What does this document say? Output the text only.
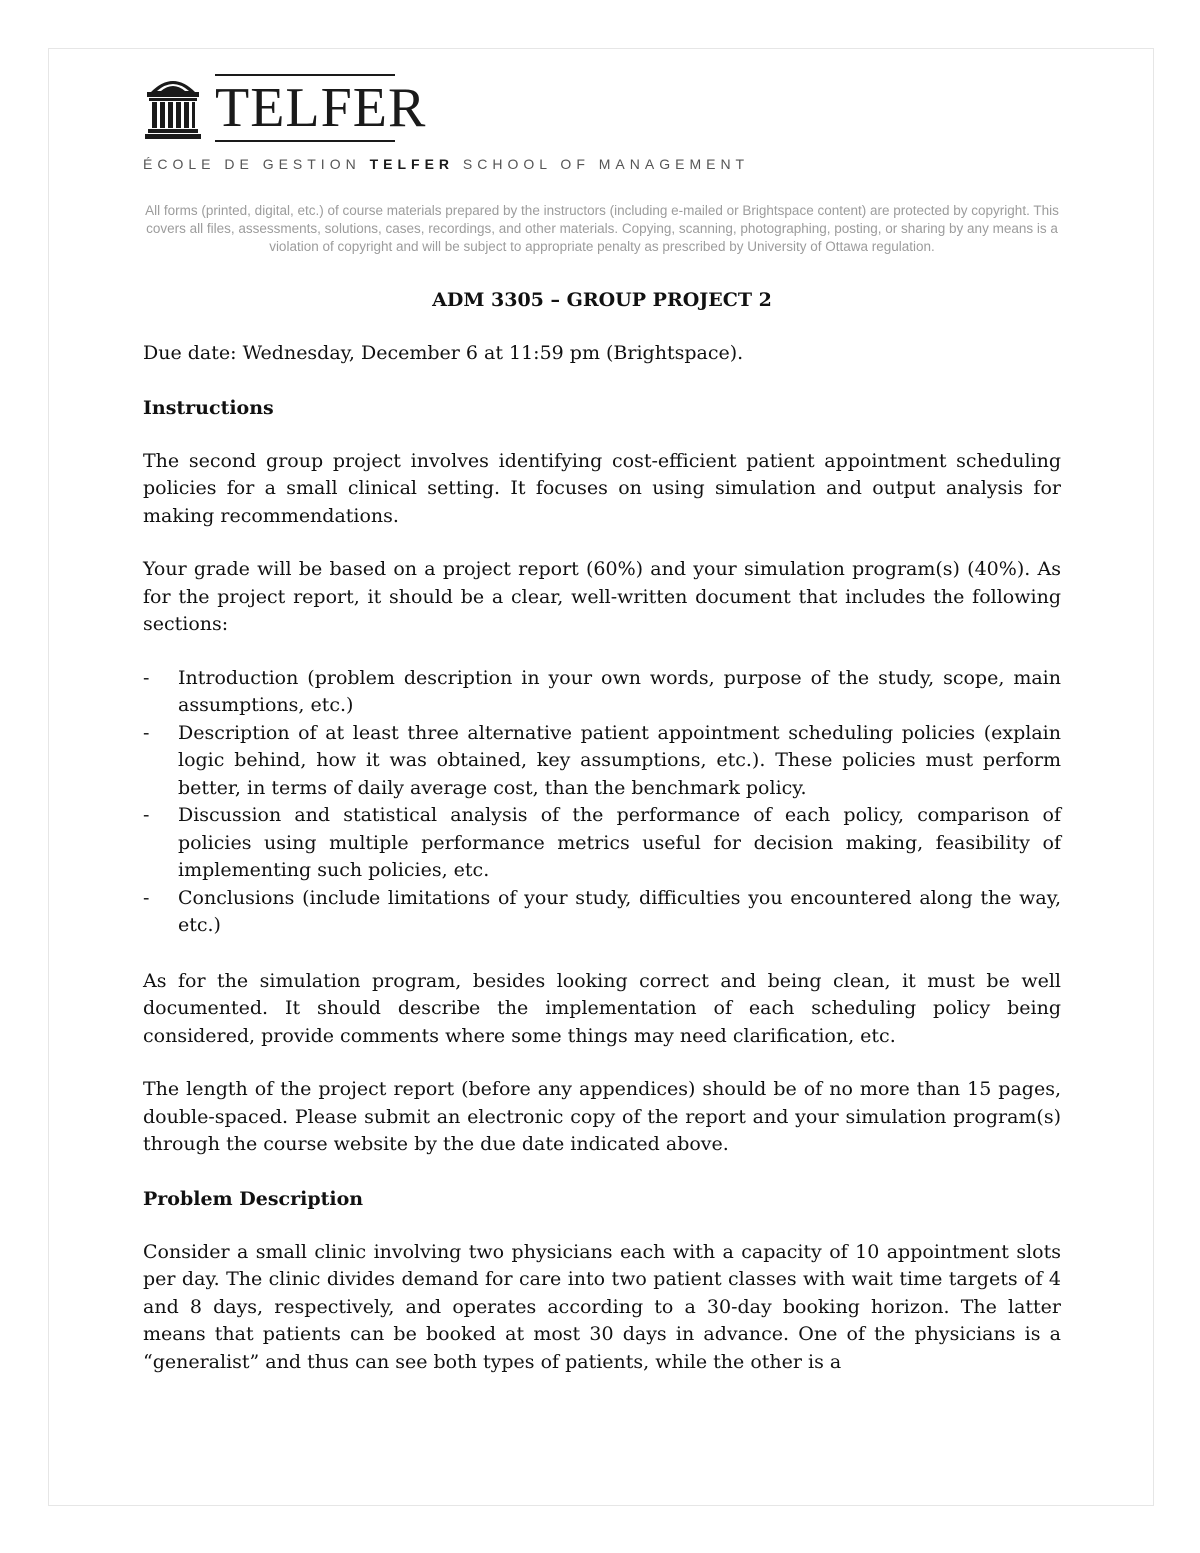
TELFER
ÉCOLE DE GESTION TELFER SCHOOL OF MANAGEMENT
All forms (printed, digital, etc.) of course materials prepared by the instructors (including e-mailed or Brightspace content) are protected by copyright. This covers all files, assessments, solutions, cases, recordings, and other materials. Copying, scanning, photographing, posting, or sharing by any means is a violation of copyright and will be subject to appropriate penalty as prescribed by University of Ottawa regulation.
ADM 3305 – GROUP PROJECT 2

Due date: Wednesday, December 6 at 11:59 pm (Brightspace).

Instructions

The second group project involves identifying cost-efficient patient appointment scheduling policies for a small clinical setting. It focuses on using simulation and output analysis for making recommendations.

Your grade will be based on a project report (60%) and your simulation program(s) (40%). As for the project report, it should be a clear, well-written document that includes the following sections:

- Introduction (problem description in your own words, purpose of the study, scope, main assumptions, etc.)
- Description of at least three alternative patient appointment scheduling policies (explain logic behind, how it was obtained, key assumptions, etc.). These policies must perform better, in terms of daily average cost, than the benchmark policy.
- Discussion and statistical analysis of the performance of each policy, comparison of policies using multiple performance metrics useful for decision making, feasibility of implementing such policies, etc.
- Conclusions (include limitations of your study, difficulties you encountered along the way, etc.)

As for the simulation program, besides looking correct and being clean, it must be well documented. It should describe the implementation of each scheduling policy being considered, provide comments where some things may need clarification, etc.

The length of the project report (before any appendices) should be of no more than 15 pages, double-spaced. Please submit an electronic copy of the report and your simulation program(s) through the course website by the due date indicated above.

Problem Description

Consider a small clinic involving two physicians each with a capacity of 10 appointment slots per day. The clinic divides demand for care into two patient classes with wait time targets of 4 and 8 days, respectively, and operates according to a 30-day booking horizon. The latter means that patients can be booked at most 30 days in advance. One of the physicians is a “generalist” and thus can see both types of patients, while the other is a
